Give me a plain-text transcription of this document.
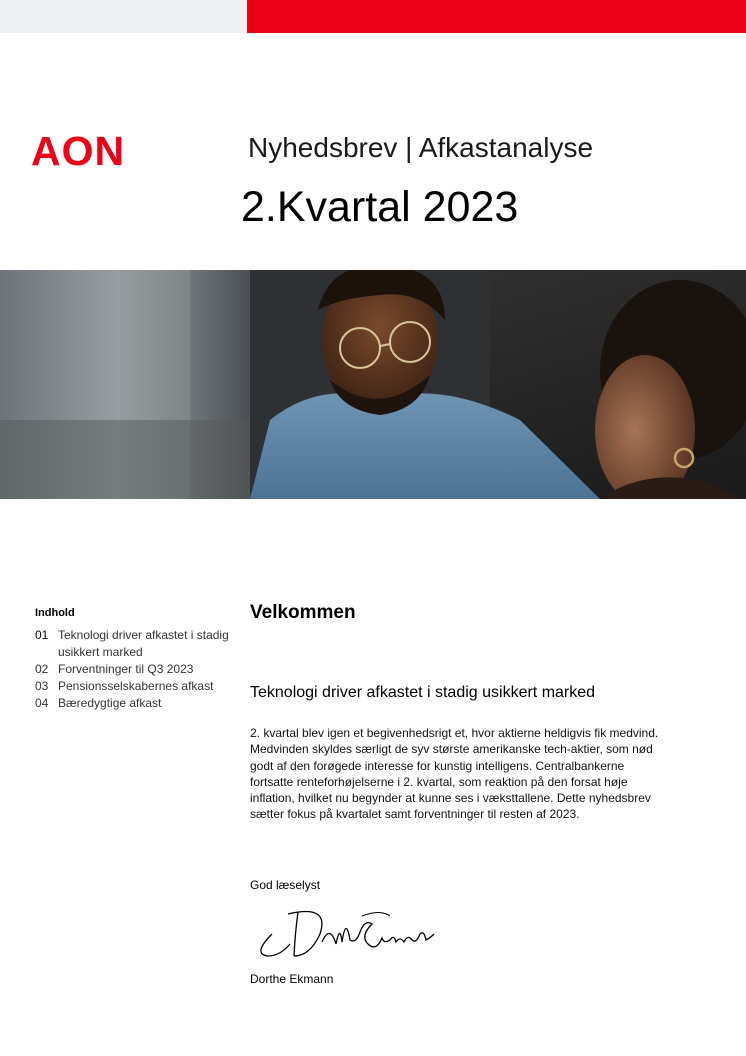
AON	Nyhedsbrev | Afkastanalyse
2.Kvartal 2023
Indhold
01 Teknologi driver afkastet i stadig usikkert marked
02 Forventninger til Q3 2023
03 Pensionsselskabernes afkast
04 Bæredygtige afkast
Velkommen
Teknologi driver afkastet i stadig usikkert marked

2. kvartal blev igen et begivenhedsrigt et, hvor aktierne heldigvis fik medvind. Medvinden skyldes særligt de syv største amerikanske tech-aktier, som nød godt af den forøgede interesse for kunstig intelligens. Centralbankerne fortsatte renteforhøjelserne i 2. kvartal, som reaktion på den forsat høje inflation, hvilket nu begynder at kunne ses i væksttallene. Dette nyhedsbrev sætter fokus på kvartalet samt forventninger til resten af 2023.

God læselyst

Dorthe Ekmann
